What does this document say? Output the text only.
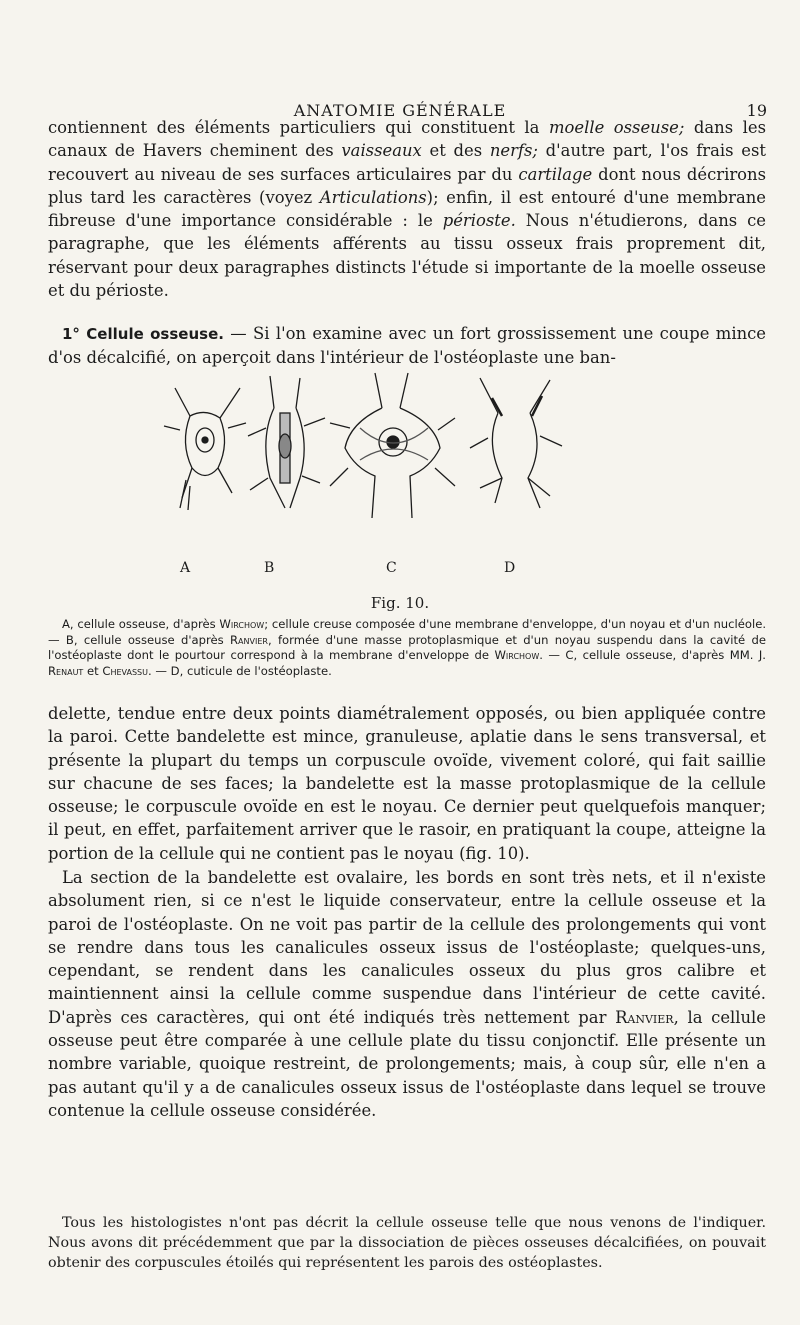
ANATOMIE GÉNÉRALE	19

contiennent des éléments particuliers qui constituent la moelle osseuse; dans les canaux de Havers cheminent des vaisseaux et des nerfs; d'autre part, l'os frais est recouvert au niveau de ses surfaces articulaires par du cartilage dont nous décrirons plus tard les caractères (voyez Articulations); enfin, il est entouré d'une membrane fibreuse d'une importance considérable : le périoste. Nous n'étudierons, dans ce paragraphe, que les éléments afférents au tissu osseux frais proprement dit, réservant pour deux paragraphes distincts l'étude si importante de la moelle osseuse et du périoste.

1° Cellule osseuse. — Si l'on examine avec un fort grossissement une coupe mince d'os décalcifié, on aperçoit dans l'intérieur de l'ostéoplaste une ban-

A	B	C	D
Fig. 10.

A, cellule osseuse, d'après Wirchow; cellule creuse composée d'une membrane d'enveloppe, d'un noyau et d'un nucléole. — B, cellule osseuse d'après Ranvier, formée d'une masse protoplasmique et d'un noyau suspendu dans la cavité de l'ostéoplaste dont le pourtour correspond à la membrane d'enveloppe de Wirchow. — C, cellule osseuse, d'après MM. J. Renaut et Chevassu. — D, cuticule de l'ostéoplaste.

delette, tendue entre deux points diamétralement opposés, ou bien appliquée contre la paroi. Cette bandelette est mince, granuleuse, aplatie dans le sens transversal, et présente la plupart du temps un corpuscule ovoïde, vivement coloré, qui fait saillie sur chacune de ses faces; la bandelette est la masse protoplasmique de la cellule osseuse; le corpuscule ovoïde en est le noyau. Ce dernier peut quelquefois manquer; il peut, en effet, parfaitement arriver que le rasoir, en pratiquant la coupe, atteigne la portion de la cellule qui ne contient pas le noyau (fig. 10).

La section de la bandelette est ovalaire, les bords en sont très nets, et il n'existe absolument rien, si ce n'est le liquide conservateur, entre la cellule osseuse et la paroi de l'ostéoplaste. On ne voit pas partir de la cellule des prolongements qui vont se rendre dans tous les canalicules osseux issus de l'ostéoplaste; quelques-uns, cependant, se rendent dans les canalicules osseux du plus gros calibre et maintiennent ainsi la cellule comme suspendue dans l'intérieur de cette cavité. D'après ces caractères, qui ont été indiqués très nettement par Ranvier, la cellule osseuse peut être comparée à une cellule plate du tissu conjonctif. Elle présente un nombre variable, quoique restreint, de prolongements; mais, à coup sûr, elle n'en a pas autant qu'il y a de canalicules osseux issus de l'ostéoplaste dans lequel se trouve contenue la cellule osseuse considérée.

Tous les histologistes n'ont pas décrit la cellule osseuse telle que nous venons de l'indiquer. Nous avons dit précédemment que par la dissociation de pièces osseuses décalcifiées, on pouvait obtenir des corpuscules étoilés qui représentent les parois des ostéoplastes.
